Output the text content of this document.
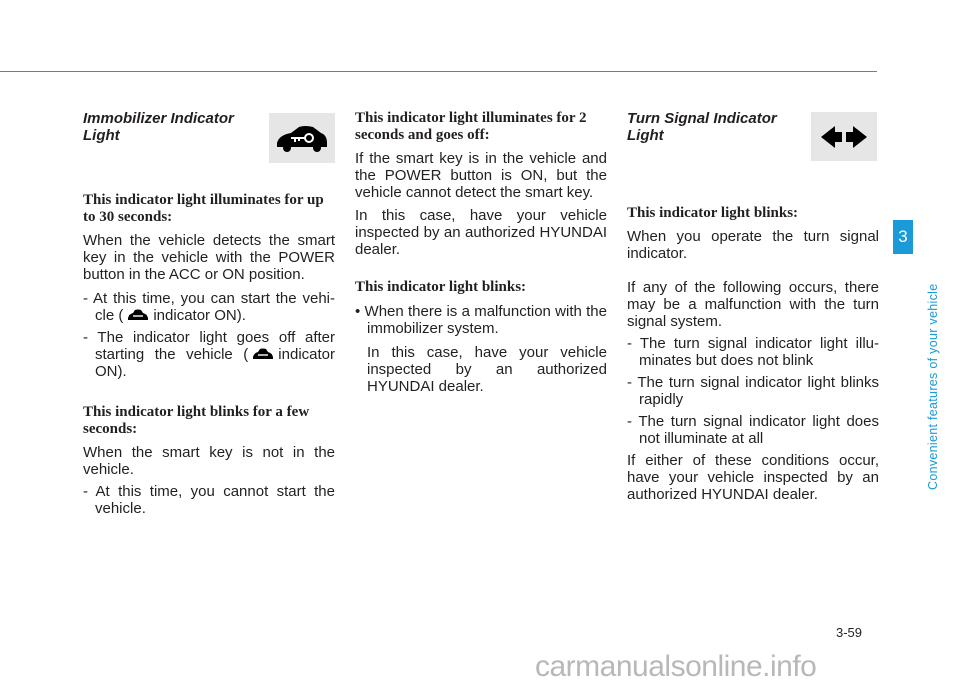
Immobilizer Indicator Light
This indicator light illuminates for up to 30 seconds:

When the vehicle detects the smart key in the vehicle with the POWER button in the ACC or ON position.

- At this time, you can start the vehi-cle ( indicator ON).

- The indicator light goes off after starting the vehicle ( indicator ON).

This indicator light blinks for a few seconds:

When the smart key is not in the vehicle.

- At this time, you cannot start the vehicle.

This indicator light illuminates for 2 seconds and goes off:

If the smart key is in the vehicle and the POWER button is ON, but the vehicle cannot detect the smart key.

In this case, have your vehicle inspected by an authorized HYUNDAI dealer.

This indicator light blinks:

• When there is a malfunction with the immobilizer system.

In this case, have your vehicle inspected by an authorized HYUNDAI dealer.

Turn Signal Indicator Light
This indicator light blinks:

When you operate the turn signal indicator.

If any of the following occurs, there may be a malfunction with the turn signal system.

- The turn signal indicator light illu-minates but does not blink

- The turn signal indicator light blinks rapidly

- The turn signal indicator light does not illuminate at all

If either of these conditions occur, have your vehicle inspected by an authorized HYUNDAI dealer.

3
Convenient features of your vehicle
3-59
carmanualsonline.info
